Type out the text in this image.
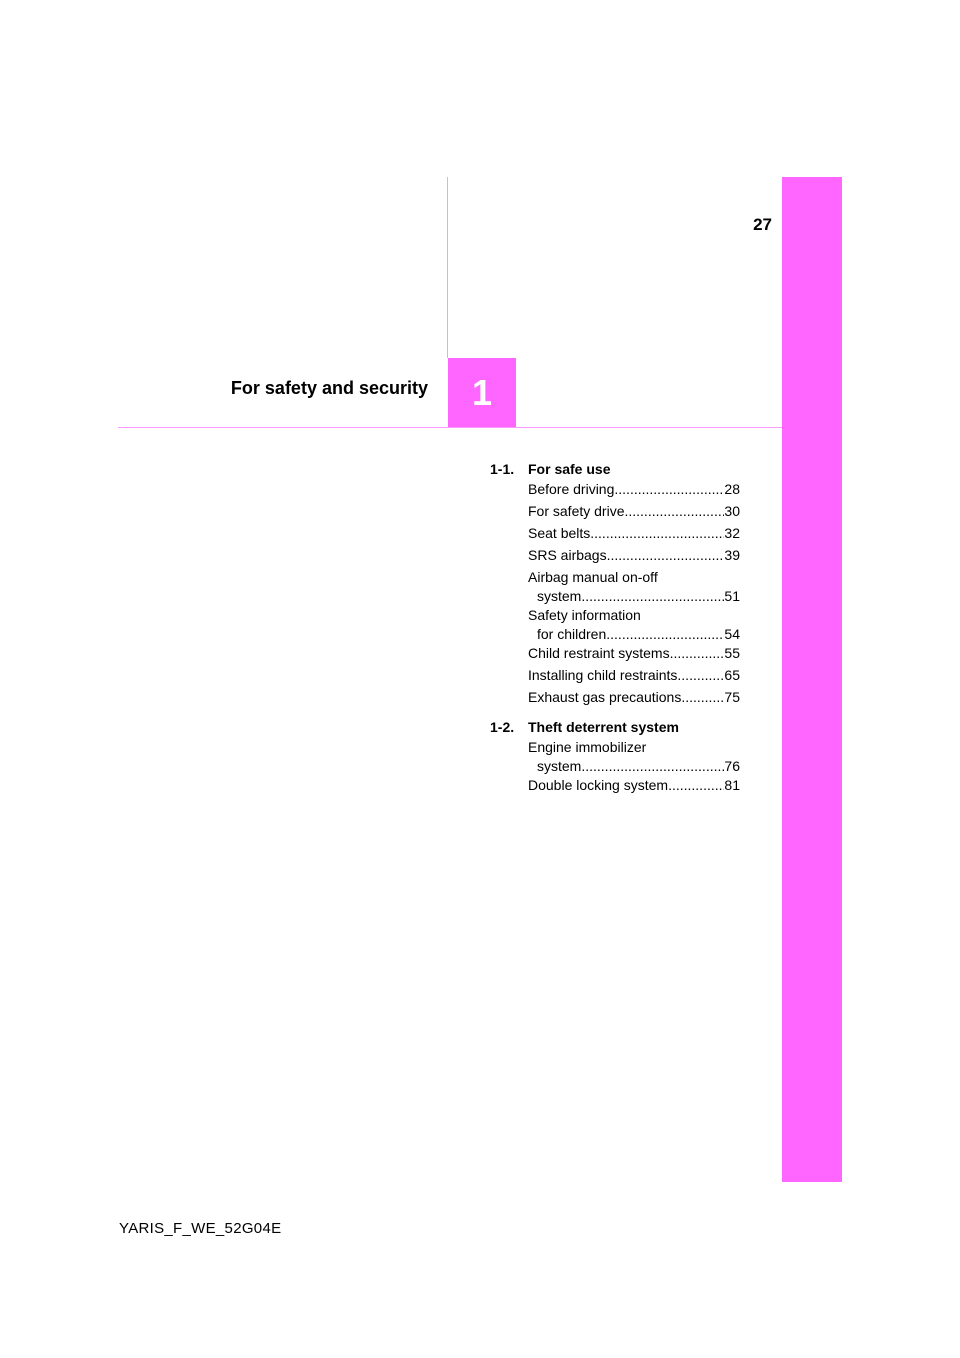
27
For safety and security 1
1-1. For safe use
Before driving .....	28
For safety drive .....	30
Seat belts .....	32
SRS airbags .....	39
Airbag manual on-off
system .....	51
Safety information
for children .....	54
Child restraint systems .....	55
Installing child restraints .....	65
Exhaust gas precautions .....	75
1-2. Theft deterrent system
Engine immobilizer
system .....	76
Double locking system .....	81
YARIS_F_WE_52G04E
